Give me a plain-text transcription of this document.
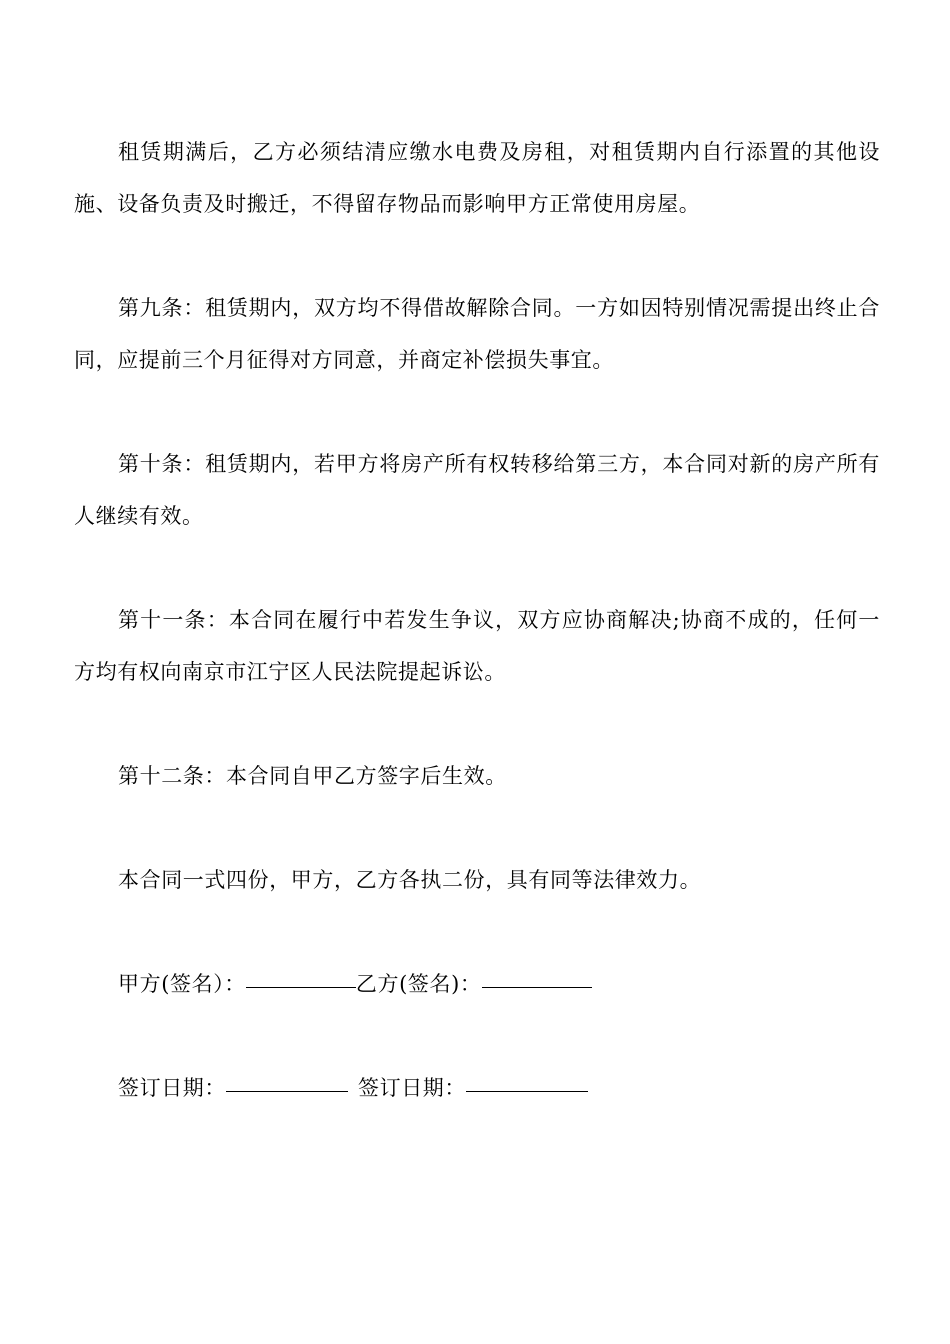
租赁期满后，乙方必须结清应缴水电费及房租，对租赁期内自行添置的其他设施、设备负责及时搬迁，不得留存物品而影响甲方正常使用房屋。

第九条：租赁期内，双方均不得借故解除合同。一方如因特别情况需提出终止合同，应提前三个月征得对方同意，并商定补偿损失事宜。

第十条：租赁期内，若甲方将房产所有权转移给第三方，本合同对新的房产所有人继续有效。

第十一条：本合同在履行中若发生争议，双方应协商解决;协商不成的，任何一方均有权向南京市江宁区人民法院提起诉讼。

第十二条：本合同自甲乙方签字后生效。

本合同一式四份，甲方，乙方各执二份，具有同等法律效力。

甲方(签名）：	乙方(签名)：
签订日期：	签订日期：
